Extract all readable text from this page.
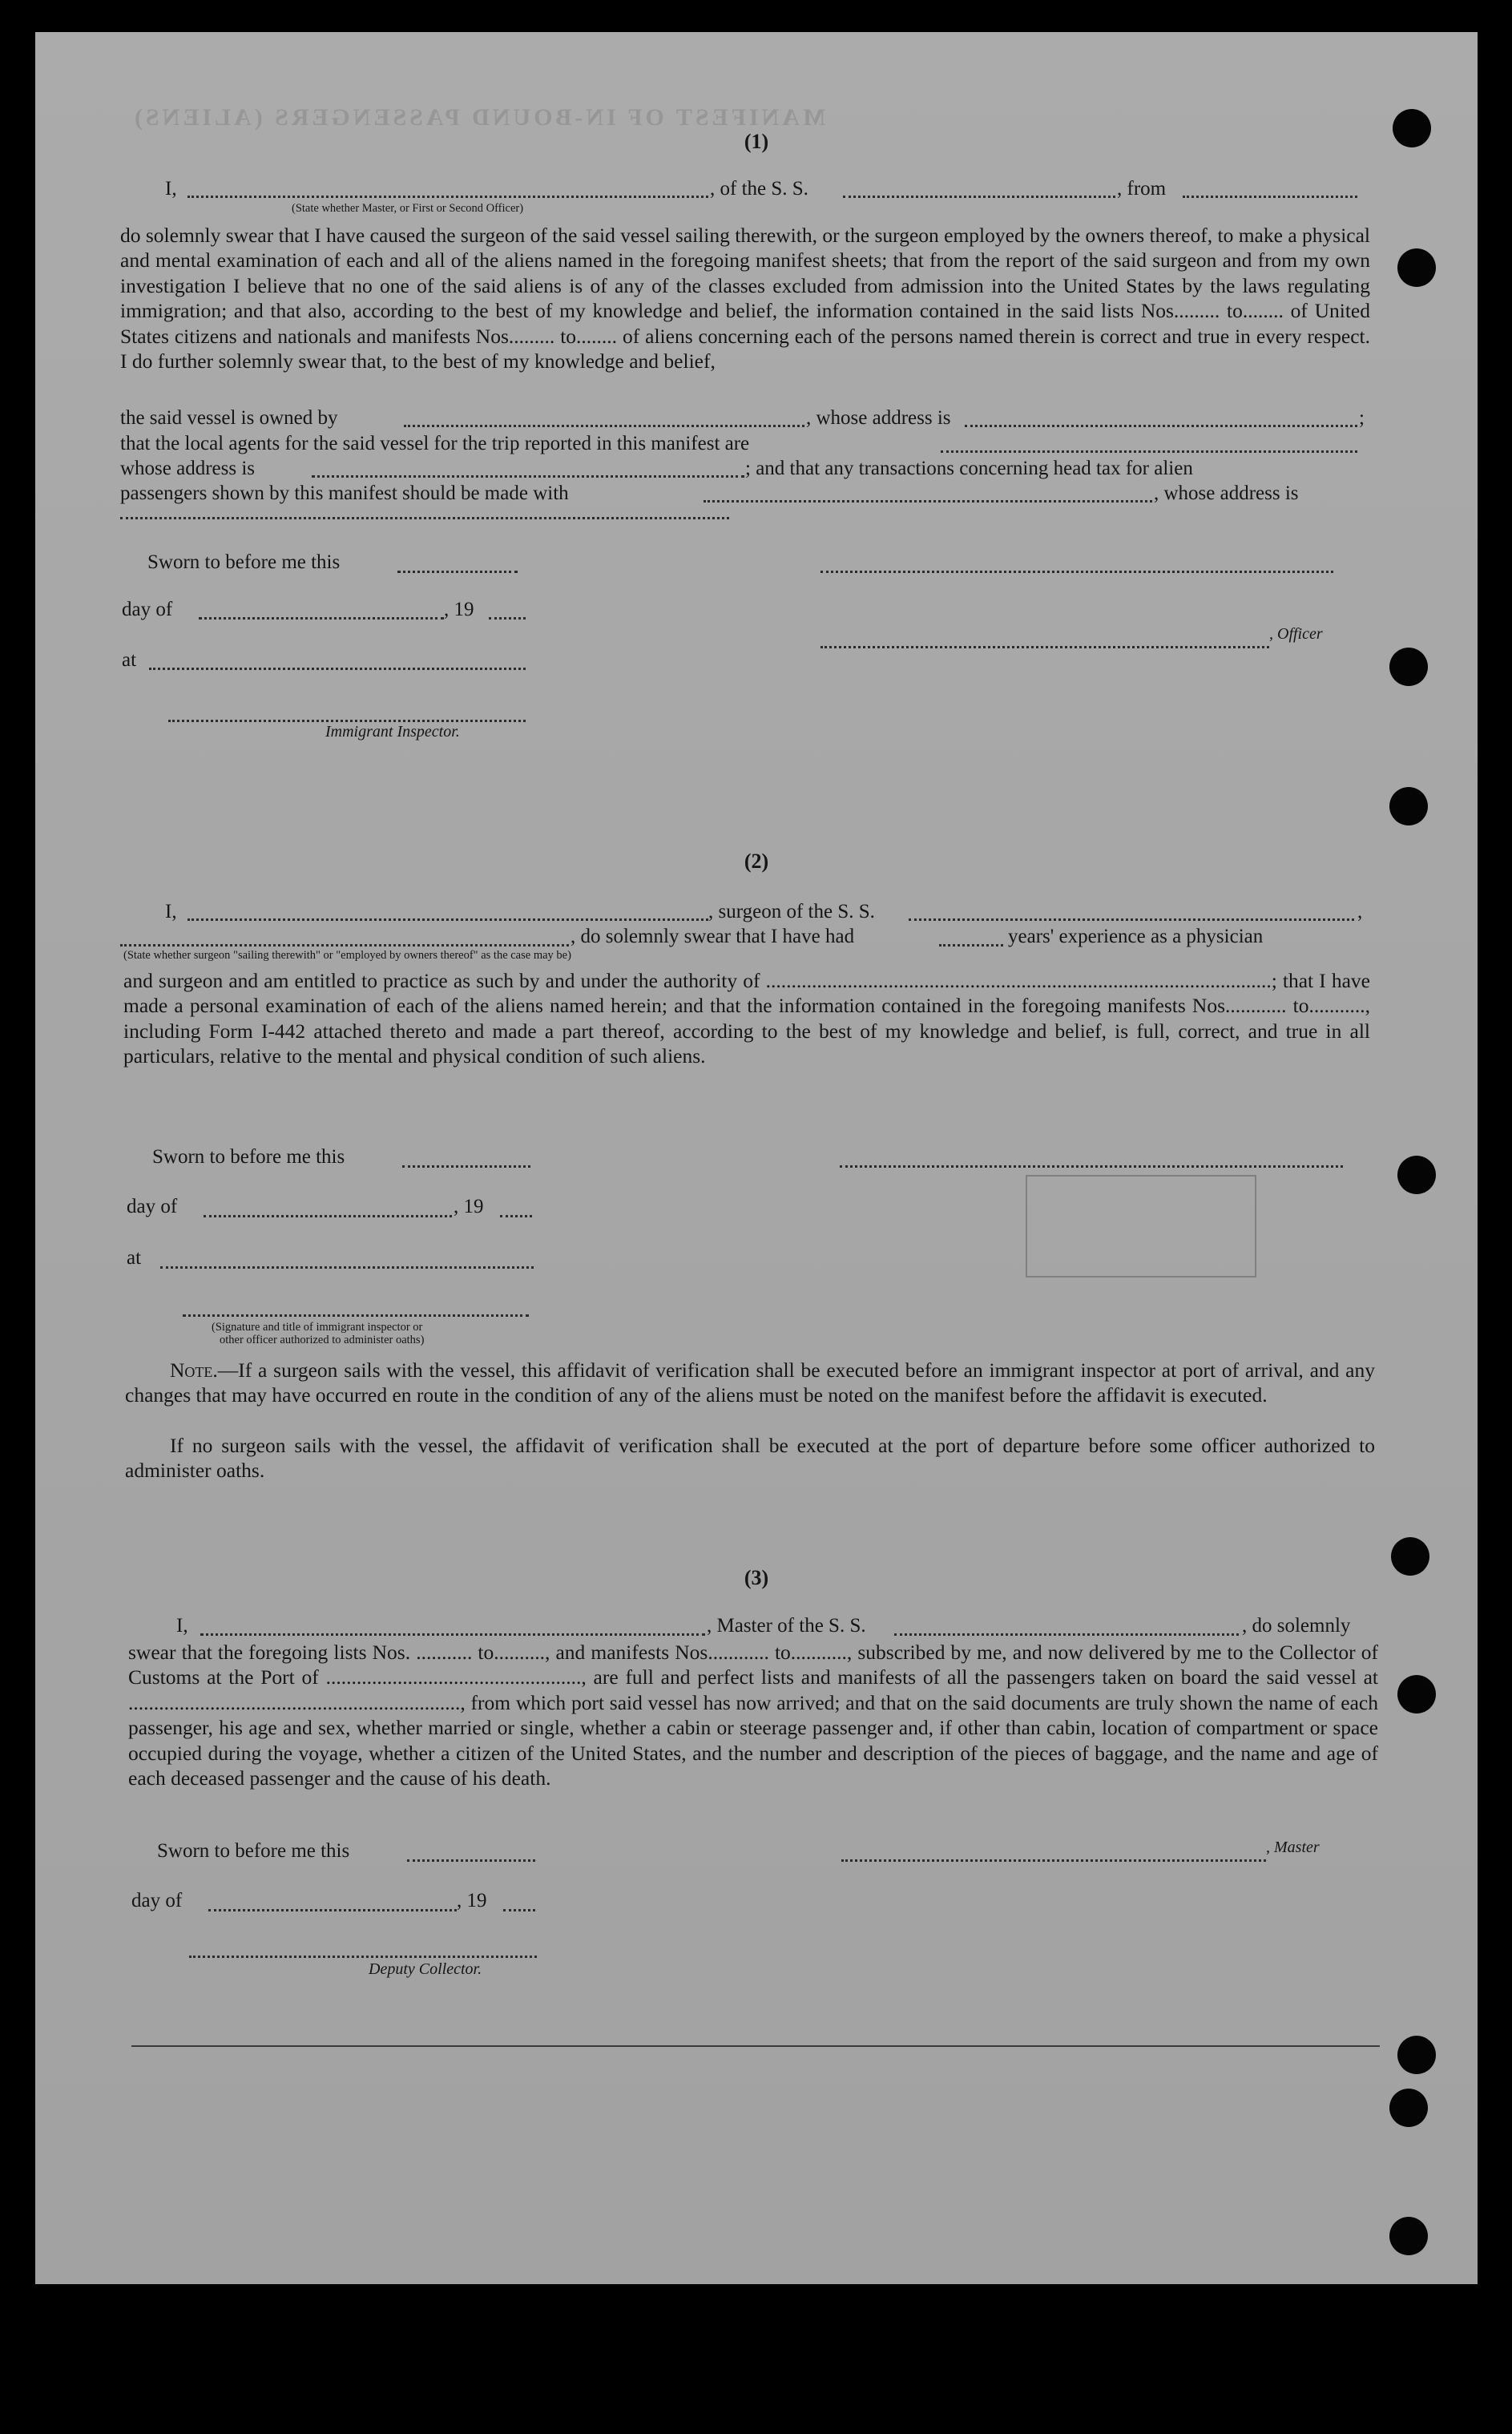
MANIFEST OF IN-BOUND PASSENGERS (ALIENS)
(1)
I,	, of the S. S.	, from
(State whether Master, or First or Second Officer)
do solemnly swear that I have caused the surgeon of the said vessel sailing therewith, or the surgeon employed by the owners thereof, to make a physical and mental examination of each and all of the aliens named in the foregoing manifest sheets; that from the report of the said surgeon and from my own investigation I believe that no one of the said aliens is of any of the classes excluded from admission into the United States by the laws regulating immigration; and that also, according to the best of my knowledge and belief, the information contained in the said lists Nos......... to........ of United States citizens and nationals and manifests Nos......... to........ of aliens concerning each of the persons named therein is correct and true in every respect. I do further solemnly swear that, to the best of my knowledge and belief,
the said vessel is owned by	, whose address is	;
that the local agents for the said vessel for the trip reported in this manifest are
whose address is	; and that any transactions concerning head tax for alien
passengers shown by this manifest should be made with	, whose address is
Sworn to before me this
day of	, 19
, Officer
at
Immigrant Inspector.
(2)
I,	, surgeon of the S. S.	,
, do solemnly swear that I have had	years' experience as a physician
(State whether surgeon "sailing therewith" or "employed by owners thereof" as the case may be)
and surgeon and am entitled to practice as such by and under the authority of ...................................................................................................; that I have made a personal examination of each of the aliens named herein; and that the information contained in the foregoing manifests Nos............ to..........., including Form I-442 attached thereto and made a part thereof, according to the best of my knowledge and belief, is full, correct, and true in all particulars, relative to the mental and physical condition of such aliens.
Sworn to before me this
day of	, 19
at
(Signature and title of immigrant inspector or
other officer authorized to administer oaths)
Note.—If a surgeon sails with the vessel, this affidavit of verification shall be executed before an immigrant inspector at port of arrival, and any changes that may have occurred en route in the condition of any of the aliens must be noted on the manifest before the affidavit is executed.
If no surgeon sails with the vessel, the affidavit of verification shall be executed at the port of departure before some officer authorized to administer oaths.
(3)
I,	, Master of the S. S.	, do solemnly
swear that the foregoing lists Nos. ........... to.........., and manifests Nos............ to..........., subscribed by me, and now delivered by me to the Collector of Customs at the Port of .................................................., are full and perfect lists and manifests of all the passengers taken on board the said vessel at ................................................................., from which port said vessel has now arrived; and that on the said documents are truly shown the name of each passenger, his age and sex, whether married or single, whether a cabin or steerage passenger and, if other than cabin, location of compartment or space occupied during the voyage, whether a citizen of the United States, and the number and description of the pieces of baggage, and the name and age of each deceased passenger and the cause of his death.
Sworn to before me this	, Master
day of	, 19
Deputy Collector.
